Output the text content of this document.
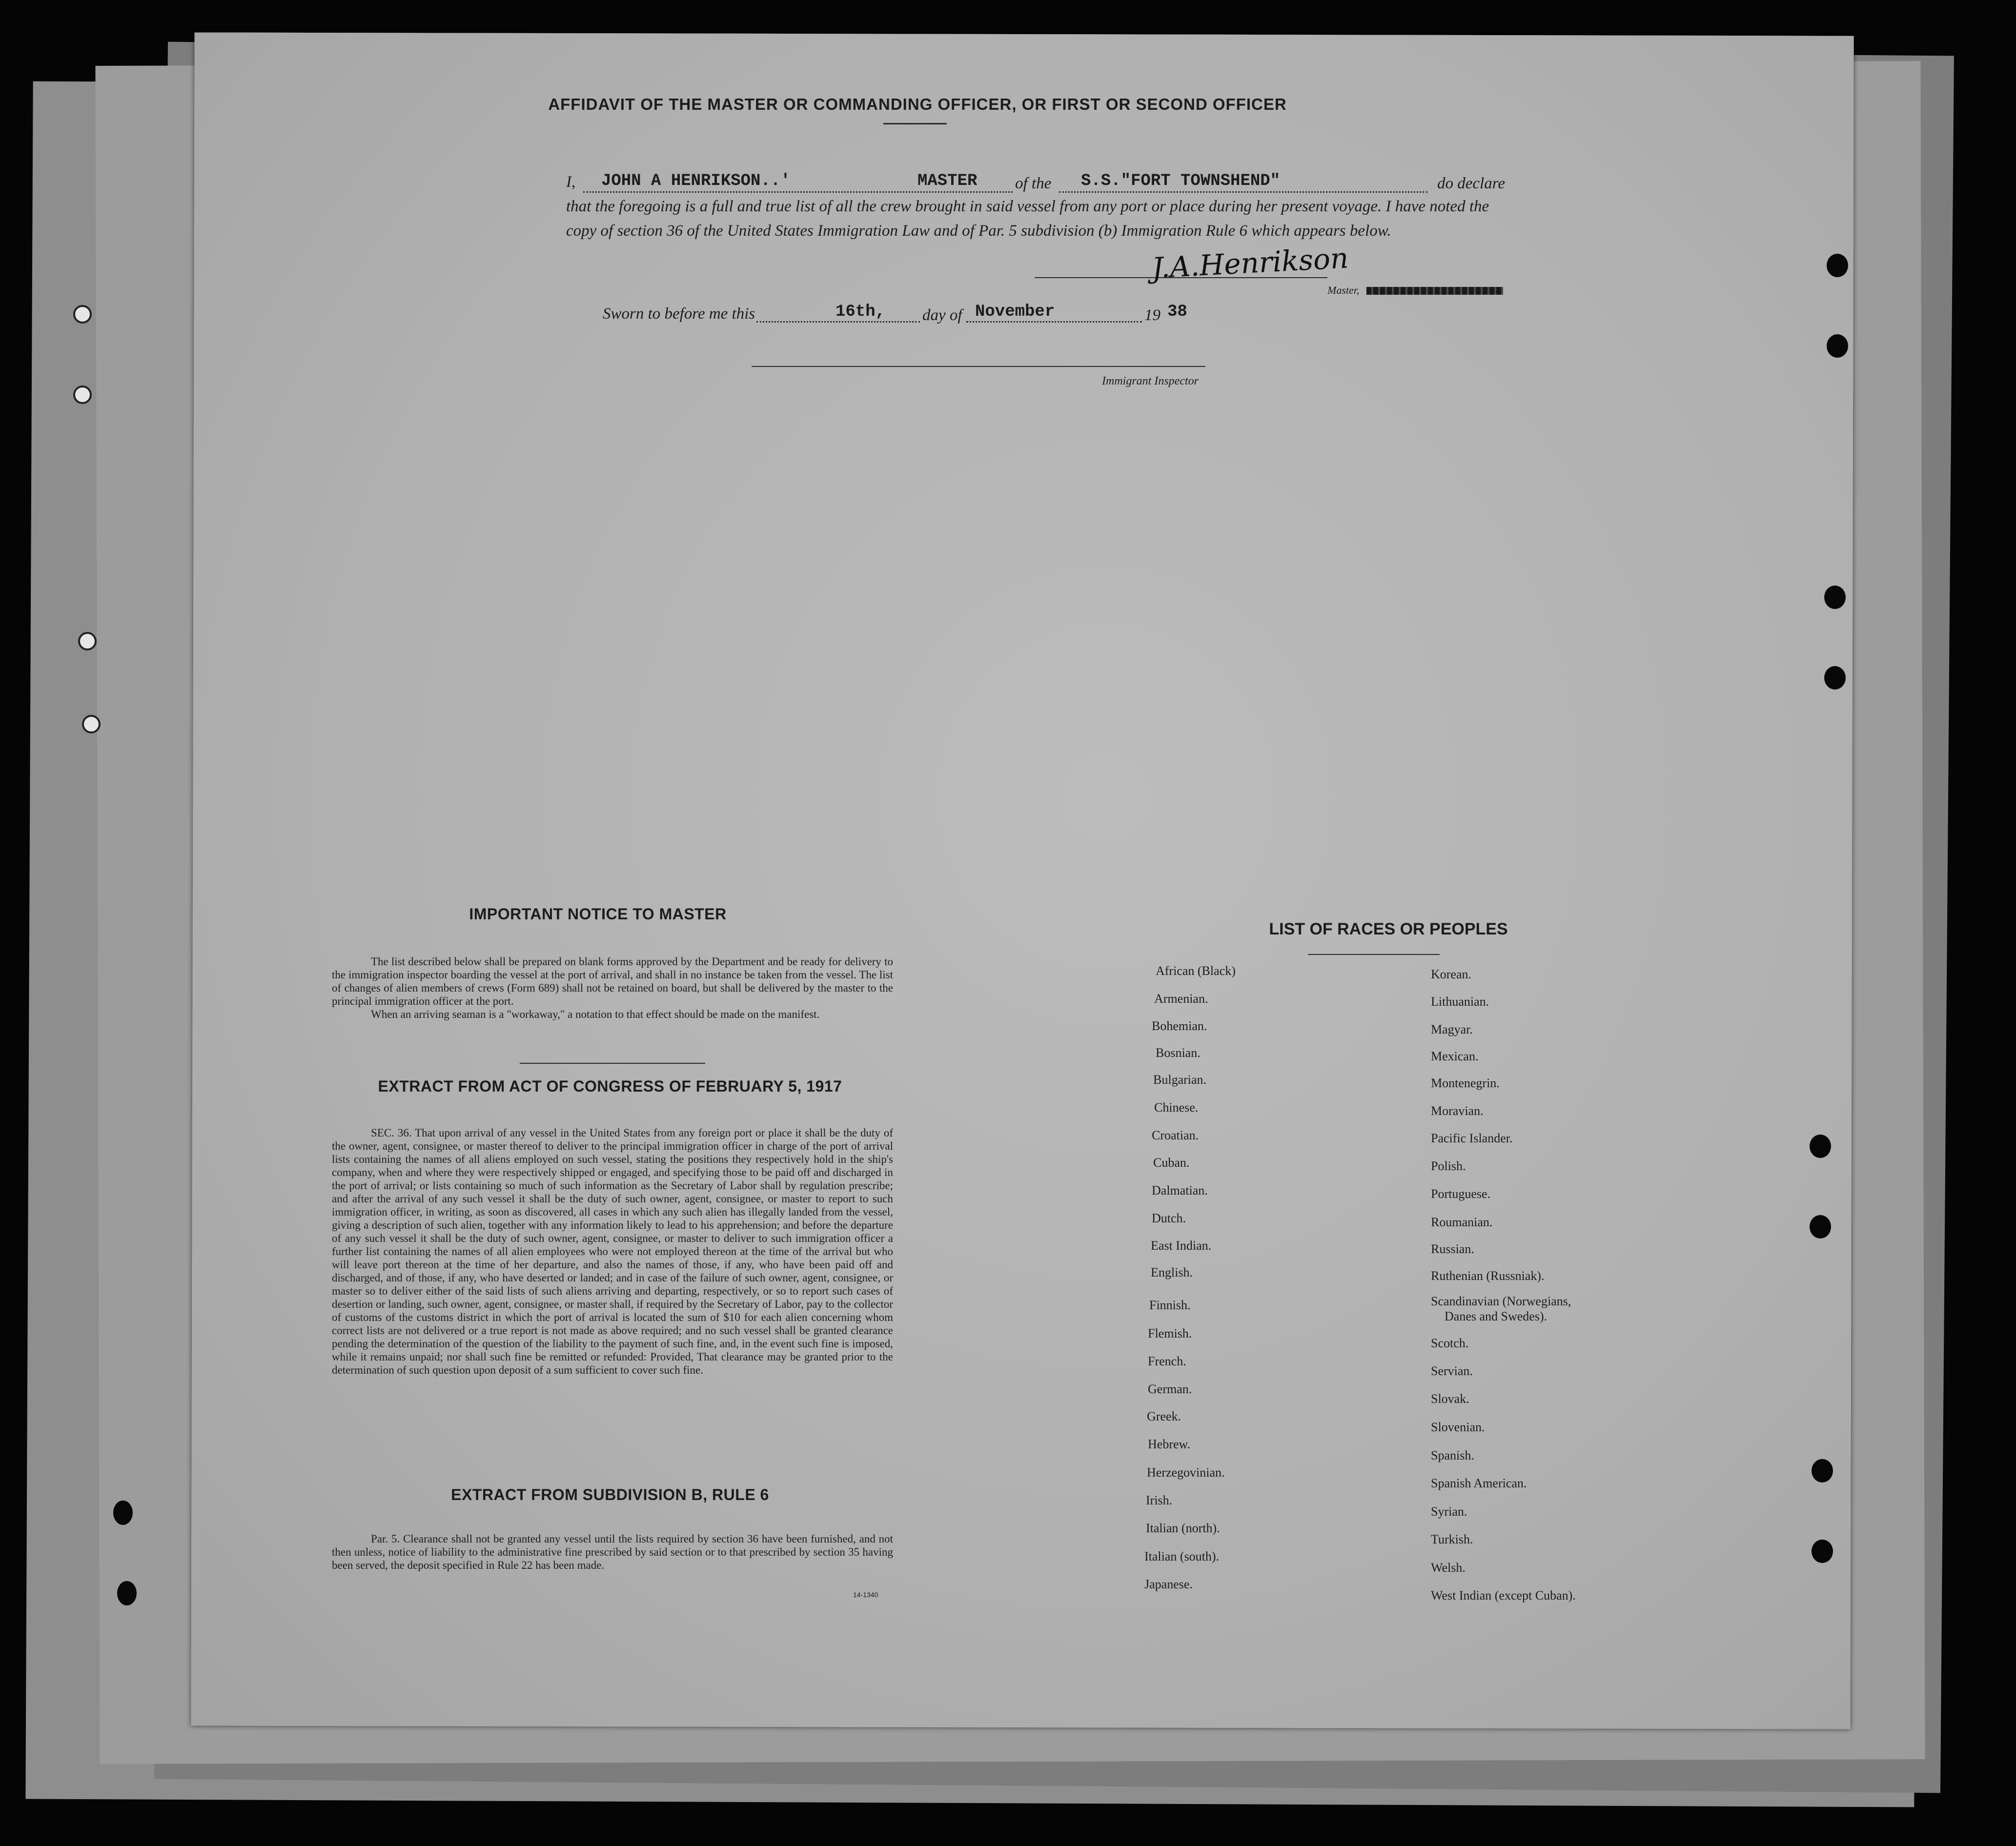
AFFIDAVIT OF THE MASTER OR COMMANDING OFFICER, OR FIRST OR SECOND OFFICER
I, JOHN A HENRIKSON..'	MASTER of the S.S."FORT TOWNSHEND"	do declare
that the foregoing is a full and true list of all the crew brought in said vessel from any port or place during her present voyage. I have noted the
copy of section 36 of the United States Immigration Law and of Par. 5 subdivision (b) Immigration Rule 6 which appears below.
J.A.Henrikson
Master,
Sworn to before me this	16th, day of November	19 38
Immigrant Inspector
IMPORTANT NOTICE TO MASTER

The list described below shall be prepared on blank forms approved by the Department and be ready for delivery to the immigration inspector boarding the vessel at the port of arrival, and shall in no instance be taken from the vessel. The list of changes of alien members of crews (Form 689) shall not be retained on board, but shall be delivered by the master to the principal immigration officer at the port.

When an arriving seaman is a "workaway," a notation to that effect should be made on the manifest.

EXTRACT FROM ACT OF CONGRESS OF FEBRUARY 5, 1917

SEC. 36. That upon arrival of any vessel in the United States from any foreign port or place it shall be the duty of the owner, agent, consignee, or master thereof to deliver to the principal immigration officer in charge of the port of arrival lists containing the names of all aliens employed on such vessel, stating the positions they respectively hold in the ship's company, when and where they were respectively shipped or engaged, and specifying those to be paid off and discharged in the port of arrival; or lists containing so much of such information as the Secretary of Labor shall by regulation prescribe; and after the arrival of any such vessel it shall be the duty of such owner, agent, consignee, or master to report to such immigration officer, in writing, as soon as discovered, all cases in which any such alien has illegally landed from the vessel, giving a description of such alien, together with any information likely to lead to his apprehension; and before the departure of any such vessel it shall be the duty of such owner, agent, consignee, or master to deliver to such immigration officer a further list containing the names of all alien employees who were not employed thereon at the time of the arrival but who will leave port thereon at the time of her departure, and also the names of those, if any, who have been paid off and discharged, and of those, if any, who have deserted or landed; and in case of the failure of such owner, agent, consignee, or master so to deliver either of the said lists of such aliens arriving and departing, respectively, or so to report such cases of desertion or landing, such owner, agent, consignee, or master shall, if required by the Secretary of Labor, pay to the collector of customs of the customs district in which the port of arrival is located the sum of $10 for each alien concerning whom correct lists are not delivered or a true report is not made as above required; and no such vessel shall be granted clearance pending the determination of the question of the liability to the payment of such fine, and, in the event such fine is imposed, while it remains unpaid; nor shall such fine be remitted or refunded: Provided, That clearance may be granted prior to the determination of such question upon deposit of a sum sufficient to cover such fine.

EXTRACT FROM SUBDIVISION B, RULE 6

Par. 5. Clearance shall not be granted any vessel until the lists required by section 36 have been furnished, and not then unless, notice of liability to the administrative fine prescribed by said section or to that prescribed by section 35 having been served, the deposit specified in Rule 22 has been made.

14-1340
LIST OF RACES OR PEOPLES
African (Black)
Armenian.
Bohemian.
Bosnian.
Bulgarian.
Chinese.
Croatian.
Cuban.
Dalmatian.
Dutch.
East Indian.
English.
Finnish.
Flemish.
French.
German.
Greek.
Hebrew.
Herzegovinian.
Irish.
Italian (north).
Italian (south).
Japanese.
Korean.
Lithuanian.
Magyar.
Mexican.
Montenegrin.
Moravian.
Pacific Islander.
Polish.
Portuguese.
Roumanian.
Russian.
Ruthenian (Russniak).
Scandinavian (Norwegians,
Danes and Swedes).
Scotch.
Servian.
Slovak.
Slovenian.
Spanish.
Spanish American.
Syrian.
Turkish.
Welsh.
West Indian (except Cuban).
